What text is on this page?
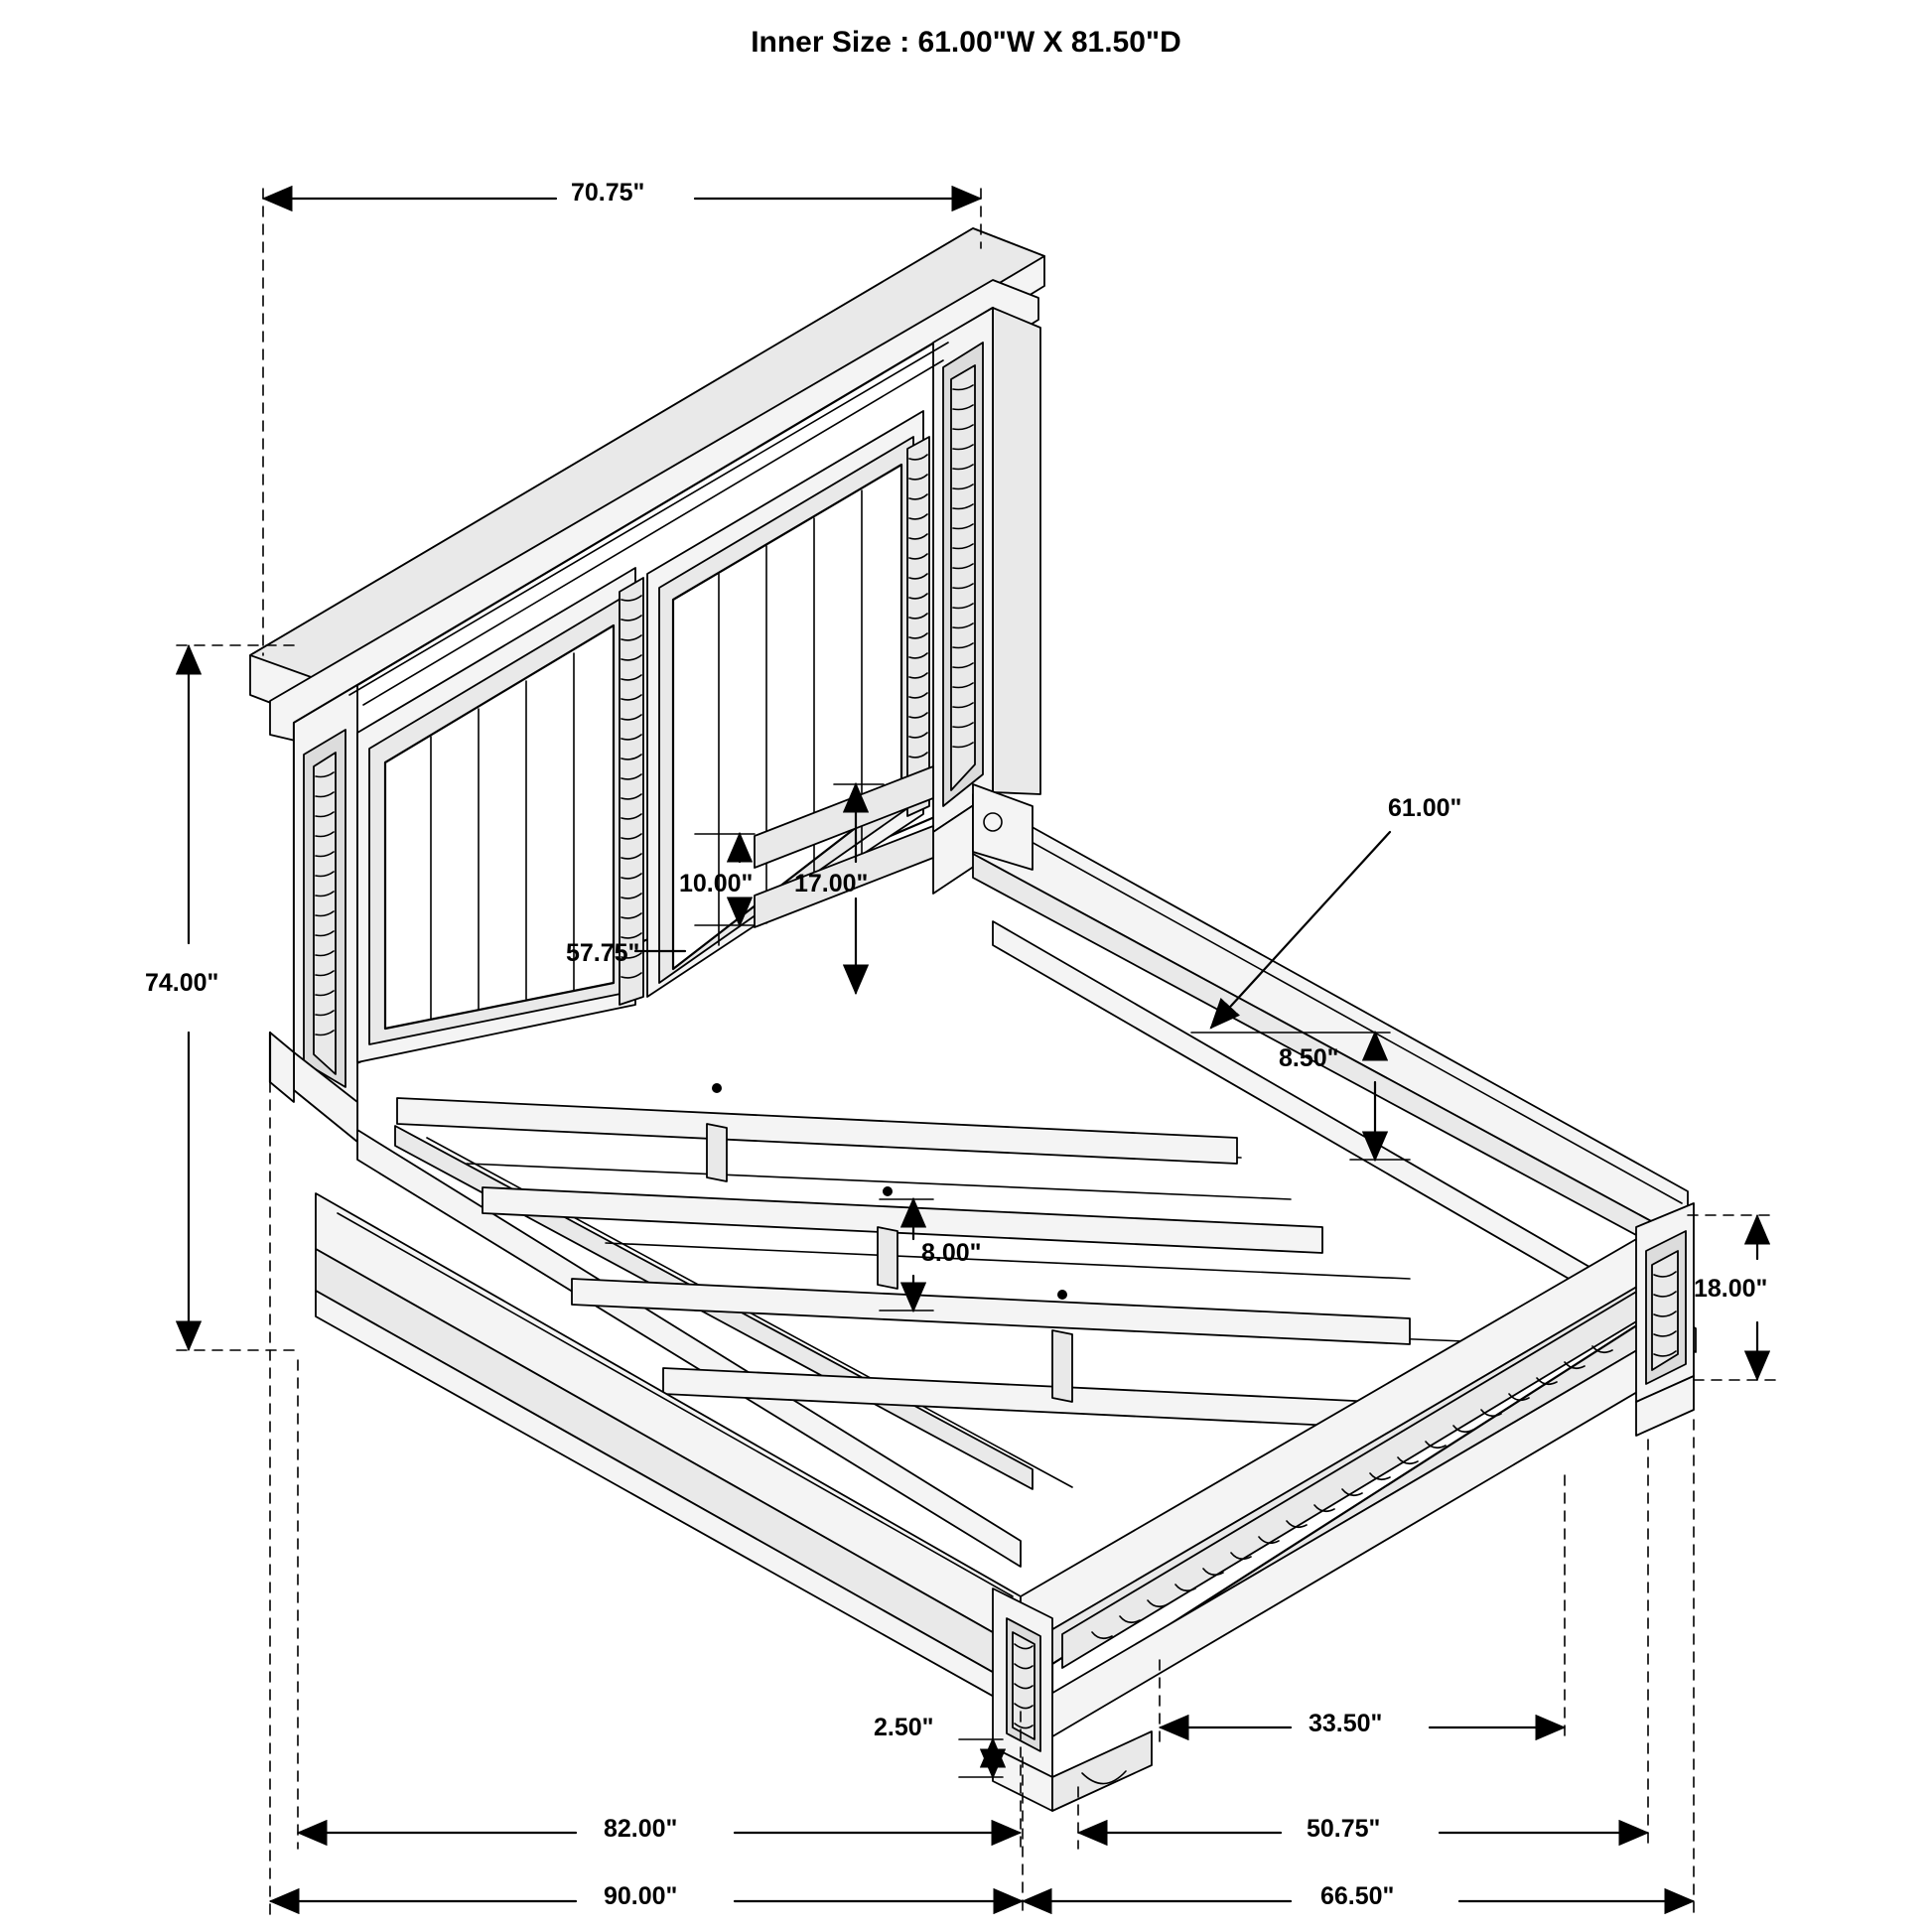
Inner Size : 61.00"W X 81.50"D
70.75"
74.00"
10.00" 17.00"
57.75"
61.00"
8.50"
8.00"
18.00"
2.50"	33.50"
82.00"	50.75"
90.00"	66.50"
